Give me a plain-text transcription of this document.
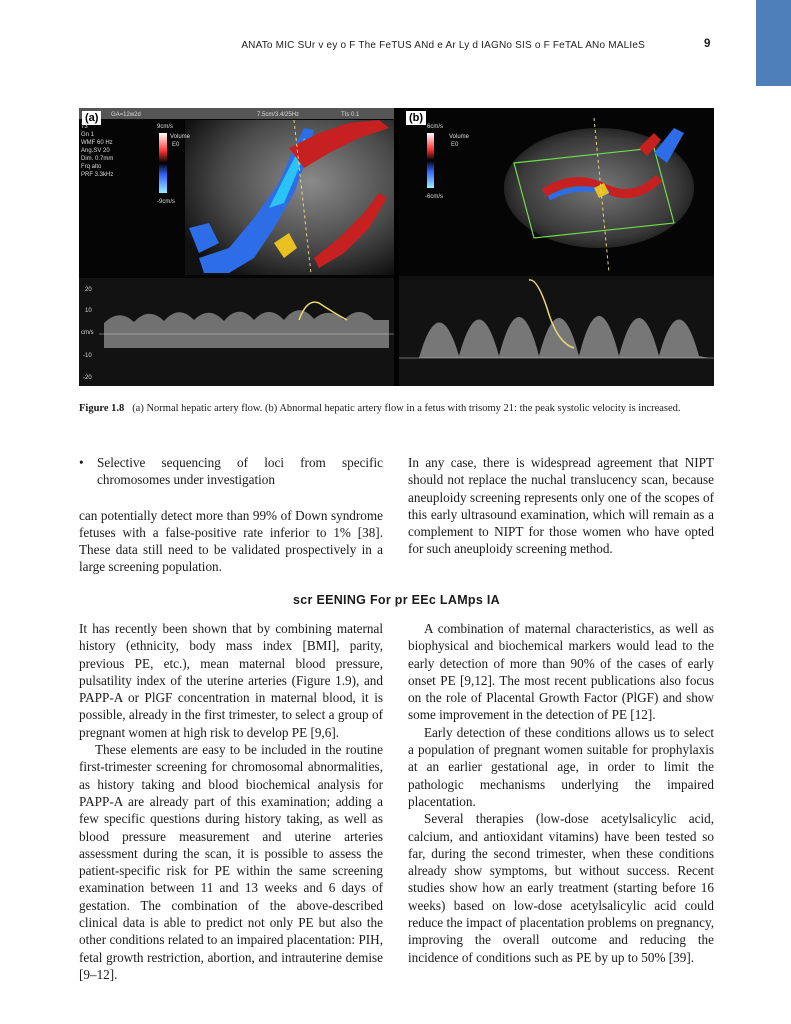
ANATo MIC SUr v ey o F The FeTUS ANd e Ar Ly d IAGNo SIS o F FeTAL ANo MALIeS	9
(a)	GA=12w2d	7.5cm/3.4/25Hz	TIs 0.1
73
Gn 1
WMF 60 Hz
Ang.SV 20
Dim. 0.7mm
Frq alto
PRF 3.3kHz
9cm/s
-9cm/s
Volume
E0
20
10
cm/s
-10
-20
(b)
6cm/s
-6cm/s
Volume
E0
Figure 1.8 (a) Normal hepatic artery flow. (b) Abnormal hepatic artery flow in a fetus with trisomy 21: the peak systolic velocity is increased.
•	Selective sequencing of loci from specific chromosomes under investigation

can potentially detect more than 99% of Down syndrome fetuses with a false-positive rate inferior to 1% [38]. These data still need to be validated prospectively in a large screening population.

In any case, there is widespread agreement that NIPT should not replace the nuchal translucency scan, because aneuploidy screening represents only one of the scopes of this early ultrasound examination, which will remain as a complement to NIPT for those women who have opted for such aneuploidy screening method.

scr EENING For pr EEc LAMps IA

It has recently been shown that by combining maternal history (ethnicity, body mass index [BMI], parity, previous PE, etc.), mean maternal blood pressure, pulsatility index of the uterine arteries (Figure 1.9), and PAPP-A or PlGF concentration in maternal blood, it is possible, already in the first trimester, to select a group of pregnant women at high risk to develop PE [9,6].

These elements are easy to be included in the routine first-trimester screening for chromosomal abnormalities, as history taking and blood biochemical analysis for PAPP-A are already part of this examination; adding a few specific questions during history taking, as well as blood pressure measurement and uterine arteries assessment during the scan, it is possible to assess the patient-specific risk for PE within the same screening examination between 11 and 13 weeks and 6 days of gestation. The combination of the above-described clinical data is able to predict not only PE but also the other conditions related to an impaired placentation: PIH, fetal growth restriction, abortion, and intrauterine demise [9–12].

A combination of maternal characteristics, as well as biophysical and biochemical markers would lead to the early detection of more than 90% of the cases of early onset PE [9,12]. The most recent publications also focus on the role of Placental Growth Factor (PlGF) and show some improvement in the detection of PE [12].

Early detection of these conditions allows us to select a population of pregnant women suitable for prophylaxis at an earlier gestational age, in order to limit the pathologic mechanisms underlying the impaired placentation.

Several therapies (low-dose acetylsalicylic acid, calcium, and antioxidant vitamins) have been tested so far, during the second trimester, when these conditions already show symptoms, but without success. Recent studies show how an early treatment (starting before 16 weeks) based on low-dose acetylsalicylic acid could reduce the impact of placentation problems on pregnancy, improving the overall outcome and reducing the incidence of conditions such as PE by up to 50% [39].
